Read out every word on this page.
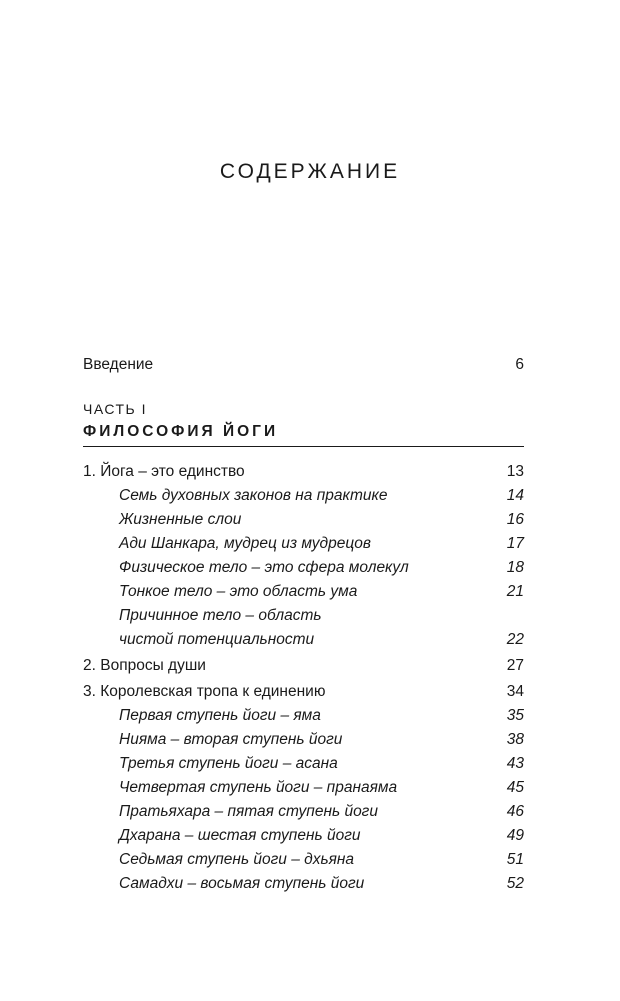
СОДЕРЖАНИЕ
Введение	6
ЧАСТЬ I
ФИЛОСОФИЯ ЙОГИ
1. Йога – это единство	13
Семь духовных законов на практике	14
Жизненные слои	16
Ади Шанкара, мудрец из мудрецов	17
Физическое тело – это сфера молекул	18
Тонкое тело – это область ума	21
Причинное тело – область
чистой потенциальности	22
2. Вопросы души	27
3. Королевская тропа к единению	34
Первая ступень йоги – яма	35
Нияма – вторая ступень йоги	38
Третья ступень йоги – асана	43
Четвертая ступень йоги – пранаяма	45
Пратьяхара – пятая ступень йоги	46
Дхарана – шестая ступень йоги	49
Седьмая ступень йоги – дхьяна	51
Самадхи – восьмая ступень йоги	52
